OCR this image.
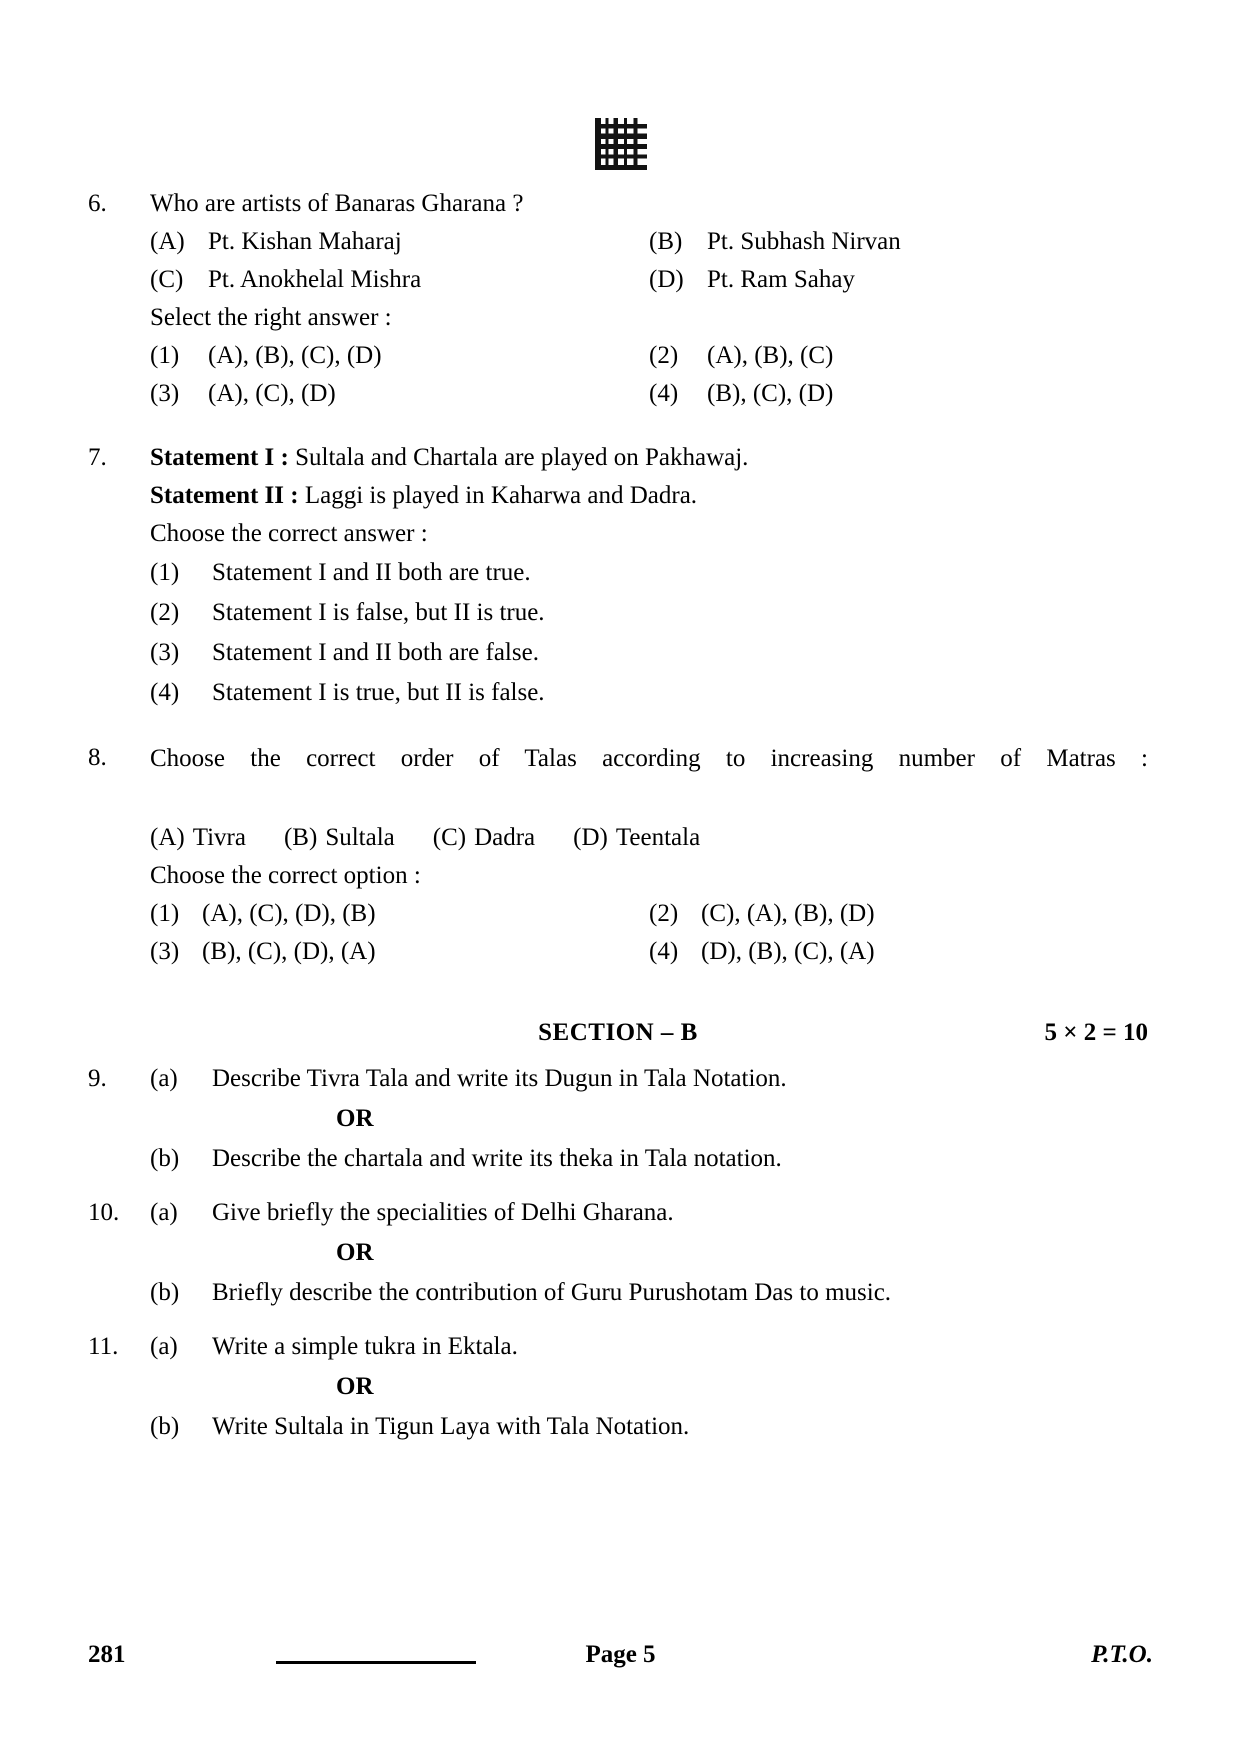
6.	Who are artists of Banaras Gharana ?
(A) Pt. Kishan Maharaj	(B) Pt. Subhash Nirvan
(C) Pt. Anokhelal Mishra	(D) Pt. Ram Sahay
Select the right answer :
(1)	(A), (B), (C), (D)	(2)	(A), (B), (C)
(3)	(A), (C), (D)	(4)	(B), (C), (D)
7.	Statement I : Sultala and Chartala are played on Pakhawaj.
Statement II : Laggi is played in Kaharwa and Dadra.
Choose the correct answer :
(1)	Statement I and II both are true.
(2)	Statement I is false, but II is true.
(3)	Statement I and II both are false.
(4)	Statement I is true, but II is false.
8.	Choose the correct order of Talas according to increasing number of Matras :
(A) Tivra (B) Sultala (C) Dadra (D) Teentala
Choose the correct option :
(1) (A), (C), (D), (B)	(2) (C), (A), (B), (D)
(3) (B), (C), (D), (A)	(4) (D), (B), (C), (A)
SECTION – B	5 × 2 = 10
9.	(a)	Describe Tivra Tala and write its Dugun in Tala Notation.
OR
(b)	Describe the chartala and write its theka in Tala notation.
10.	(a)	Give briefly the specialities of Delhi Gharana.
OR
(b)	Briefly describe the contribution of Guru Purushotam Das to music.
11.	(a)	Write a simple tukra in Ektala.
OR
(b)	Write Sultala in Tigun Laya with Tala Notation.
281	Page 5	P.T.O.
